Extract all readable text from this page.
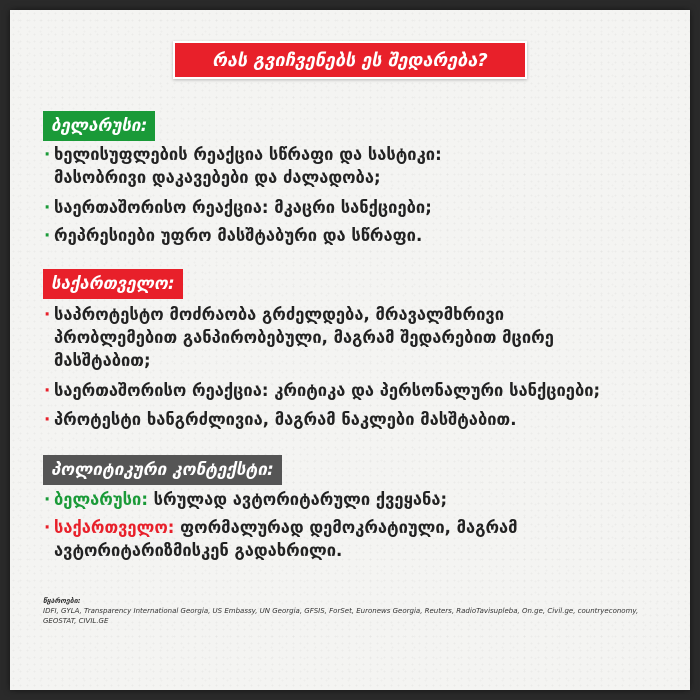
რას გვიჩვენებს ეს შედარება?
ბელარუსი:
· ხელისუფლების რეაქცია სწრაფი და სასტიკი:
მასობრივი დაკავებები და ძალადობა;
· საერთაშორისო რეაქცია: მკაცრი სანქციები;
· რეპრესიები უფრო მასშტაბური და სწრაფი.
საქართველო:
· საპროტესტო მოძრაობა გრძელდება, მრავალმხრივი
პრობლემებით განპირობებული, მაგრამ შედარებით მცირე
მასშტაბით;
· საერთაშორისო რეაქცია: კრიტიკა და პერსონალური სანქციები;
· პროტესტი ხანგრძლივია, მაგრამ ნაკლები მასშტაბით.
პოლიტიკური კონტექსტი:
· ბელარუსი: სრულად ავტორიტარული ქვეყანა;
· საქართველო: ფორმალურად დემოკრატიული, მაგრამ
ავტორიტარიზმისკენ გადახრილი.
წყაროები:
IDFI, GYLA, Transparency International Georgia, US Embassy, UN Georgia, GFSIS, ForSet, Euronews Georgia, Reuters, RadioTavisupleba, On.ge, Civil.ge, countryeconomy, GEOSTAT, CIVIL.GE
